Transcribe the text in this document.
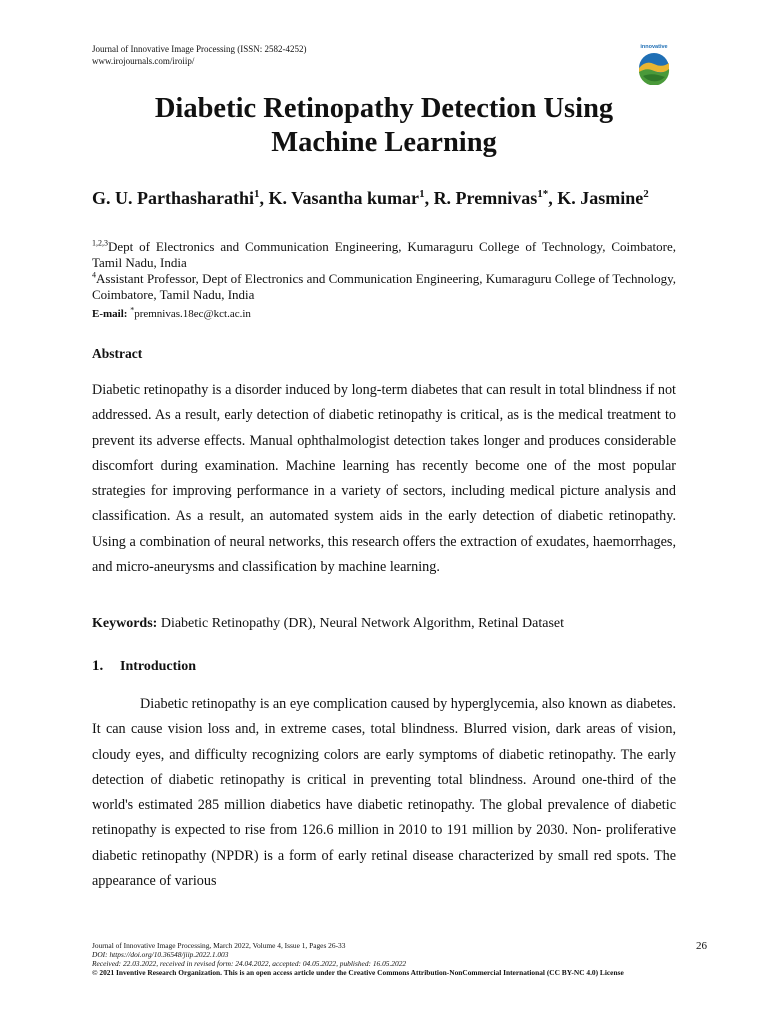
Journal of Innovative Image Processing (ISSN: 2582-4252)
www.irojournals.com/iroiip/
innovative
Diabetic Retinopathy Detection Using
Machine Learning
G. U. Parthasharathi$^1$, K. Vasantha kumar$^1$, R. Premnivas$^{1*}$, K. Jasmine$^2$
$^{1,2,3}$Dept of Electronics and Communication Engineering, Kumaraguru College of Technology, Coimbatore, Tamil Nadu, India
$^4$Assistant Professor, Dept of Electronics and Communication Engineering, Kumaraguru College of Technology, Coimbatore, Tamil Nadu, India
E-mail: *premnivas.18ec@kct.ac.in
Abstract
Diabetic retinopathy is a disorder induced by long-term diabetes that can result in total blindness if not addressed. As a result, early detection of diabetic retinopathy is critical, as is the medical treatment to prevent its adverse effects. Manual ophthalmologist detection takes longer and produces considerable discomfort during examination. Machine learning has recently become one of the most popular strategies for improving performance in a variety of sectors, including medical picture analysis and classification. As a result, an automated system aids in the early detection of diabetic retinopathy. Using a combination of neural networks, this research offers the extraction of exudates, haemorrhages, and micro-aneurysms and classification by machine learning.
Keywords: Diabetic Retinopathy (DR), Neural Network Algorithm, Retinal Dataset
1. Introduction
Diabetic retinopathy is an eye complication caused by hyperglycemia, also known as diabetes. It can cause vision loss and, in extreme cases, total blindness. Blurred vision, dark areas of vision, cloudy eyes, and difficulty recognizing colors are early symptoms of diabetic retinopathy. The early detection of diabetic retinopathy is critical in preventing total blindness. Around one-third of the world's estimated 285 million diabetics have diabetic retinopathy. The global prevalence of diabetic retinopathy is expected to rise from 126.6 million in 2010 to 191 million by 2030. Non- proliferative diabetic retinopathy (NPDR) is a form of early retinal disease characterized by small red spots. The appearance of various
Journal of Innovative Image Processing, March 2022, Volume 4, Issue 1, Pages 26-33
DOI: https://doi.org/10.36548/jiip.2022.1.003
Received: 22.03.2022, received in revised form: 24.04.2022, accepted: 04.05.2022, published: 16.05.2022
© 2021 Inventive Research Organization. This is an open access article under the Creative Commons Attribution-NonCommercial International (CC BY-NC 4.0) License
26
